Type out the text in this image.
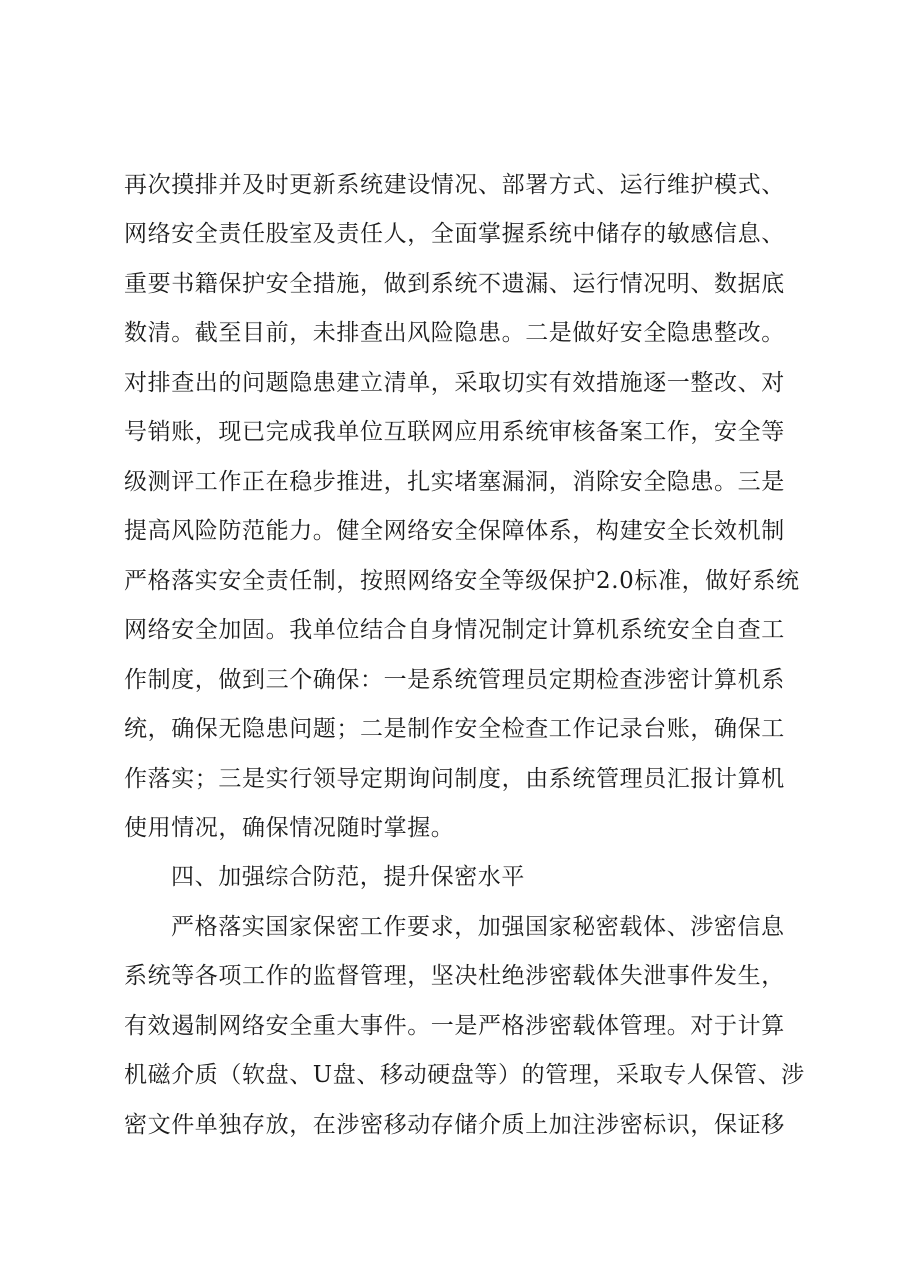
再次摸排并及时更新系统建设情况、部署方式、运行维护模式、
网络安全责任股室及责任人，全面掌握系统中储存的敏感信息、
重要书籍保护安全措施，做到系统不遗漏、运行情况明、数据底
数清。截至目前，未排查出风险隐患。二是做好安全隐患整改。
对排查出的问题隐患建立清单，采取切实有效措施逐一整改、对
号销账，现已完成我单位互联网应用系统审核备案工作，安全等
级测评工作正在稳步推进，扎实堵塞漏洞，消除安全隐患。三是
提高风险防范能力。健全网络安全保障体系，构建安全长效机制
严格落实安全责任制，按照网络安全等级保护2.0标准，做好系统
网络安全加固。我单位结合自身情况制定计算机系统安全自查工
作制度，做到三个确保：一是系统管理员定期检查涉密计算机系
统，确保无隐患问题；二是制作安全检查工作记录台账，确保工
作落实；三是实行领导定期询问制度，由系统管理员汇报计算机
使用情况，确保情况随时掌握。
四、加强综合防范，提升保密水平
严格落实国家保密工作要求，加强国家秘密载体、涉密信息
系统等各项工作的监督管理，坚决杜绝涉密载体失泄事件发生，
有效遏制网络安全重大事件。一是严格涉密载体管理。对于计算
机磁介质（软盘、U盘、移动硬盘等）的管理，采取专人保管、涉
密文件单独存放，在涉密移动存储介质上加注涉密标识，保证移
